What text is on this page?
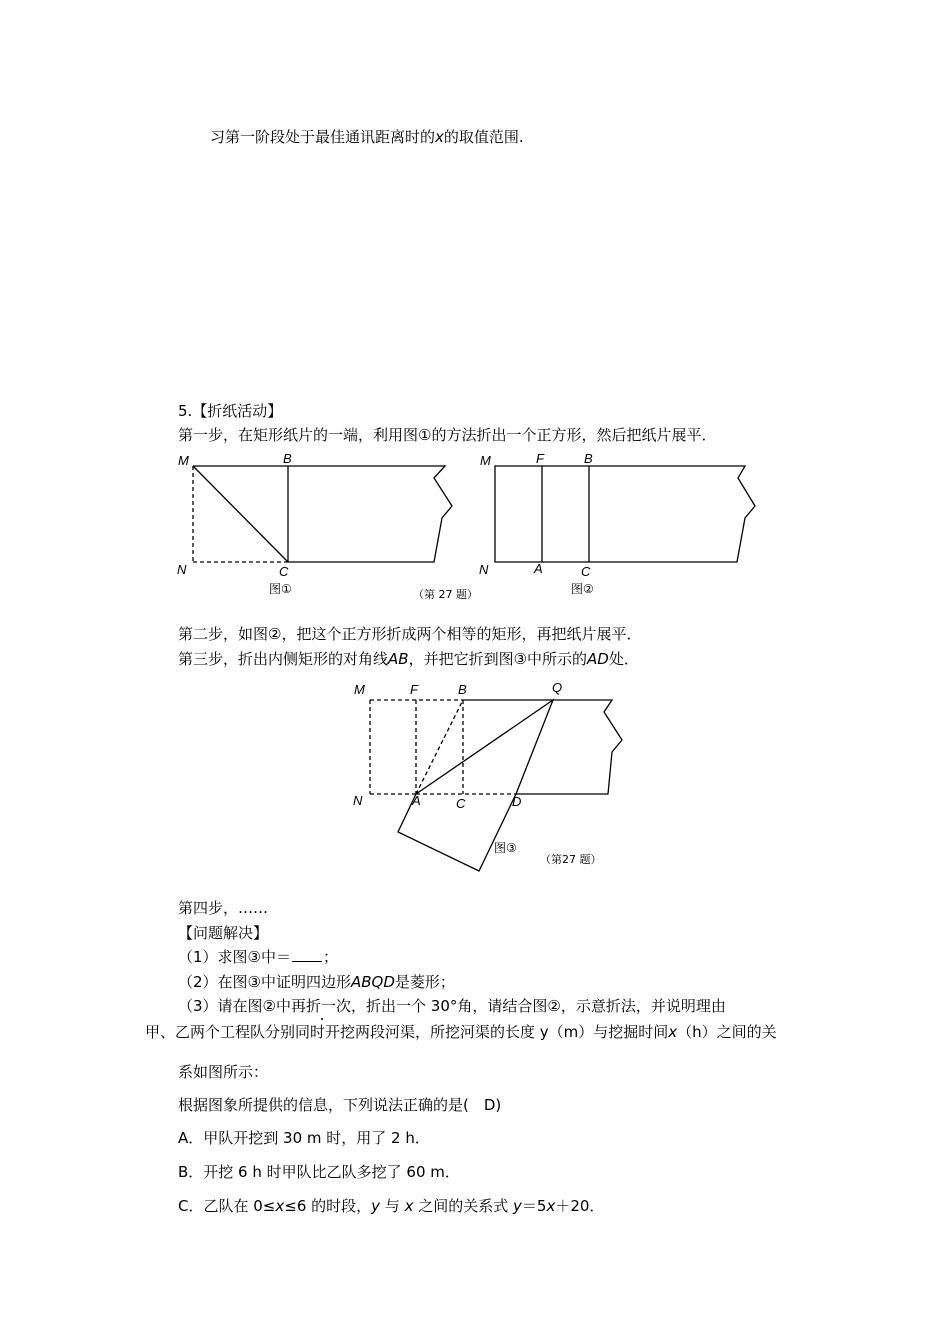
习第一阶段处于最佳通讯距离时的x的取值范围.
5.【折纸活动】
第一步，在矩形纸片的一端，利用图①的方法折出一个正方形，然后把纸片展平．
M	B
N	C
图①	（第 27 题）
M	F	B
N	A	C
图②
M	F	B	Q
N	A	C	D
图③
（第27 题）
第二步，如图②，把这个正方形折成两个相等的矩形，再把纸片展平．
第三步，折出内侧矩形的对角线AB，并把它折到图③中所示的AD处．
第四步，……
【问题解决】
（1）求图③中＝ ；
（2）在图③中证明四边形ABQD是菱形；
（3）请在图②中再折一次，折出一个 30°角，请结合图②，示意折法，并说明理由
甲、乙两个工程队分别同时开挖两段河渠，所挖河渠的长度 y（m）与挖掘时间x（h）之间的关
系如图所示：
根据图象所提供的信息，下列说法正确的是(　D)
A．甲队开挖到 30 m 时，用了 2 h．
B．开挖 6 h 时甲队比乙队多挖了 60 m．
C．乙队在 0≤x≤6 的时段，y 与 x 之间的关系式 y＝5x＋20．
